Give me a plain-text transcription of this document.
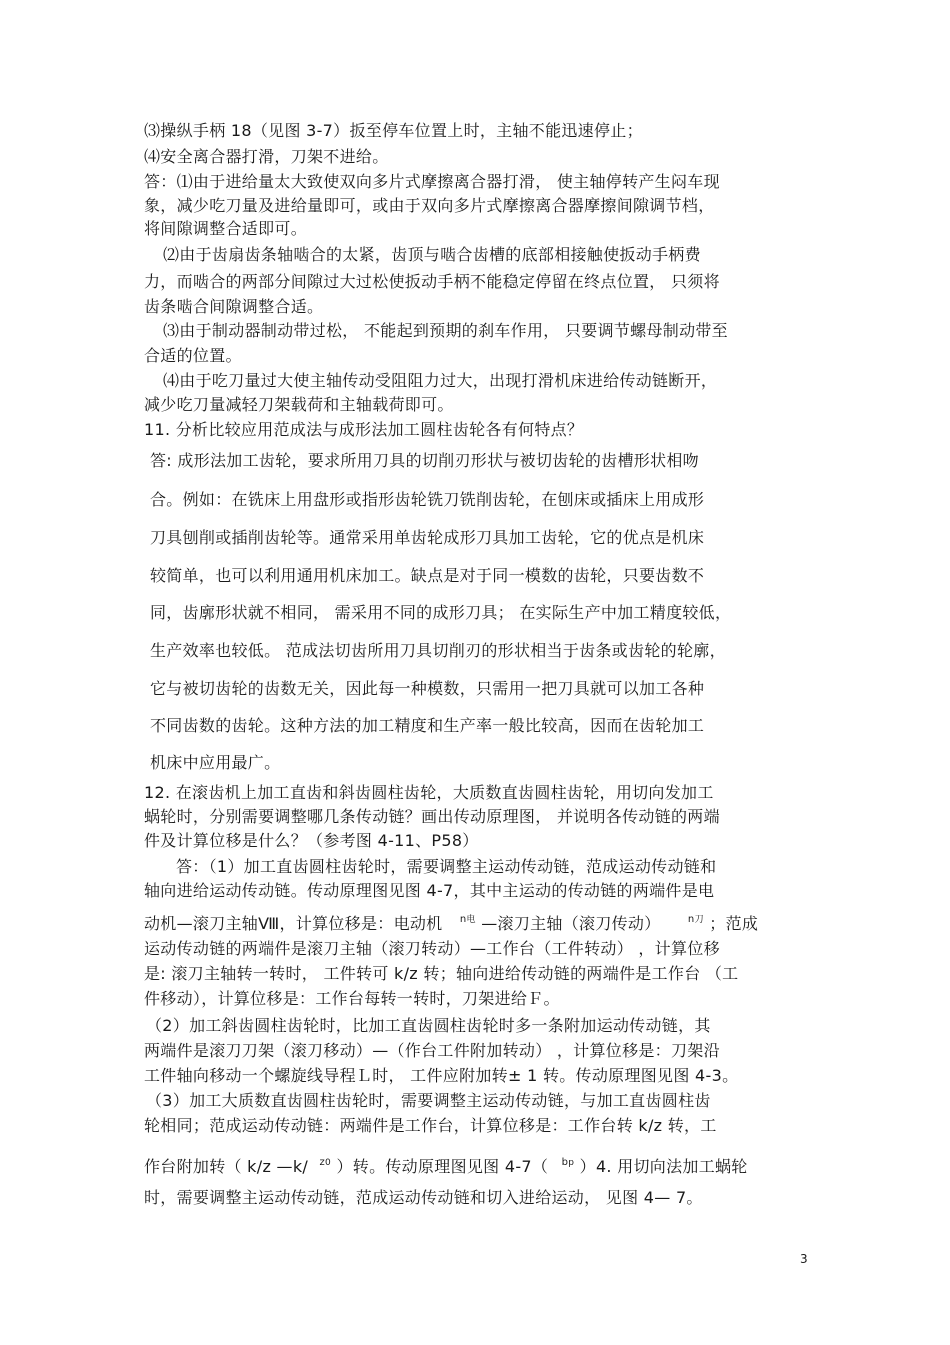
⑶操纵手柄 18（见图 3-7）扳至停车位置上时，主轴不能迅速停止；
⑷安全离合器打滑，刀架不进给。
答：⑴由于进给量太大致使双向多片式摩擦离合器打滑， 使主轴停转产生闷车现
象，减少吃刀量及进给量即可，或由于双向多片式摩擦离合器摩擦间隙调节档，
将间隙调整合适即可。
⑵由于齿扇齿条轴啮合的太紧，齿顶与啮合齿槽的底部相接触使扳动手柄费
力，而啮合的两部分间隙过大过松使扳动手柄不能稳定停留在终点位置， 只须将
齿条啮合间隙调整合适。
⑶由于制动器制动带过松， 不能起到预期的刹车作用， 只要调节螺母制动带至
合适的位置。
⑷由于吃刀量过大使主轴传动受阻阻力过大，出现打滑机床进给传动链断开，
减少吃刀量减轻刀架载荷和主轴载荷即可。
11. 分析比较应用范成法与成形法加工圆柱齿轮各有何特点？
答: 成形法加工齿轮，要求所用刀具的切削刃形状与被切齿轮的齿槽形状相吻
合。例如：在铣床上用盘形或指形齿轮铣刀铣削齿轮，在刨床或插床上用成形
刀具刨削或插削齿轮等。通常采用单齿轮成形刀具加工齿轮，它的优点是机床
较简单，也可以利用通用机床加工。缺点是对于同一模数的齿轮，只要齿数不
同，齿廓形状就不相同， 需采用不同的成形刀具； 在实际生产中加工精度较低，
生产效率也较低。 范成法切齿所用刀具切削刃的形状相当于齿条或齿轮的轮廓，
它与被切齿轮的齿数无关，因此每一种模数，只需用一把刀具就可以加工各种
不同齿数的齿轮。这种方法的加工精度和生产率一般比较高，因而在齿轮加工
机床中应用最广。
12. 在滚齿机上加工直齿和斜齿圆柱齿轮，大质数直齿圆柱齿轮，用切向发加工
蜗轮时，分别需要调整哪几条传动链？画出传动原理图， 并说明各传动链的两端
件及计算位移是什么？（参考图 4-11、P58）
答：（1）加工直齿圆柱齿轮时，需要调整主运动传动链，范成运动传动链和
轴向进给运动传动链。传动原理图见图 4-7，其中主运动的传动链的两端件是电
动机—滚刀主轴Ⅷ，计算位移是：电动机 $^{n电}$ —滚刀主轴（滚刀传动）	$^{n刀}$ ；范成
运动传动链的两端件是滚刀主轴（滚刀转动）—工作台（工件转动） ，计算位移
是: 滚刀主轴转一转时， 工件转可 k/z 转；轴向进给传动链的两端件是工作台 （工
件移动），计算位移是：工作台每转一转时，刀架进给Ｆ。
（2）加工斜齿圆柱齿轮时，比加工直齿圆柱齿轮时多一条附加运动传动链，其
两端件是滚刀刀架（滚刀移动）—（作台工件附加转动） ，计算位移是：刀架沿
工件轴向移动一个螺旋线导程Ｌ时， 工件应附加转± 1 转。传动原理图见图 4-3。
（3）加工大质数直齿圆柱齿轮时，需要调整主运动传动链，与加工直齿圆柱齿
轮相同；范成运动传动链：两端件是工作台，计算位移是：工作台转 k/z 转，工
作台附加转（ k/z —k/ $^{z0}$ ）转。传动原理图见图 4-7（ $^{bp}$ ）4. 用切向法加工蜗轮
时，需要调整主运动传动链，范成运动传动链和切入进给运动， 见图 4— 7。
3
